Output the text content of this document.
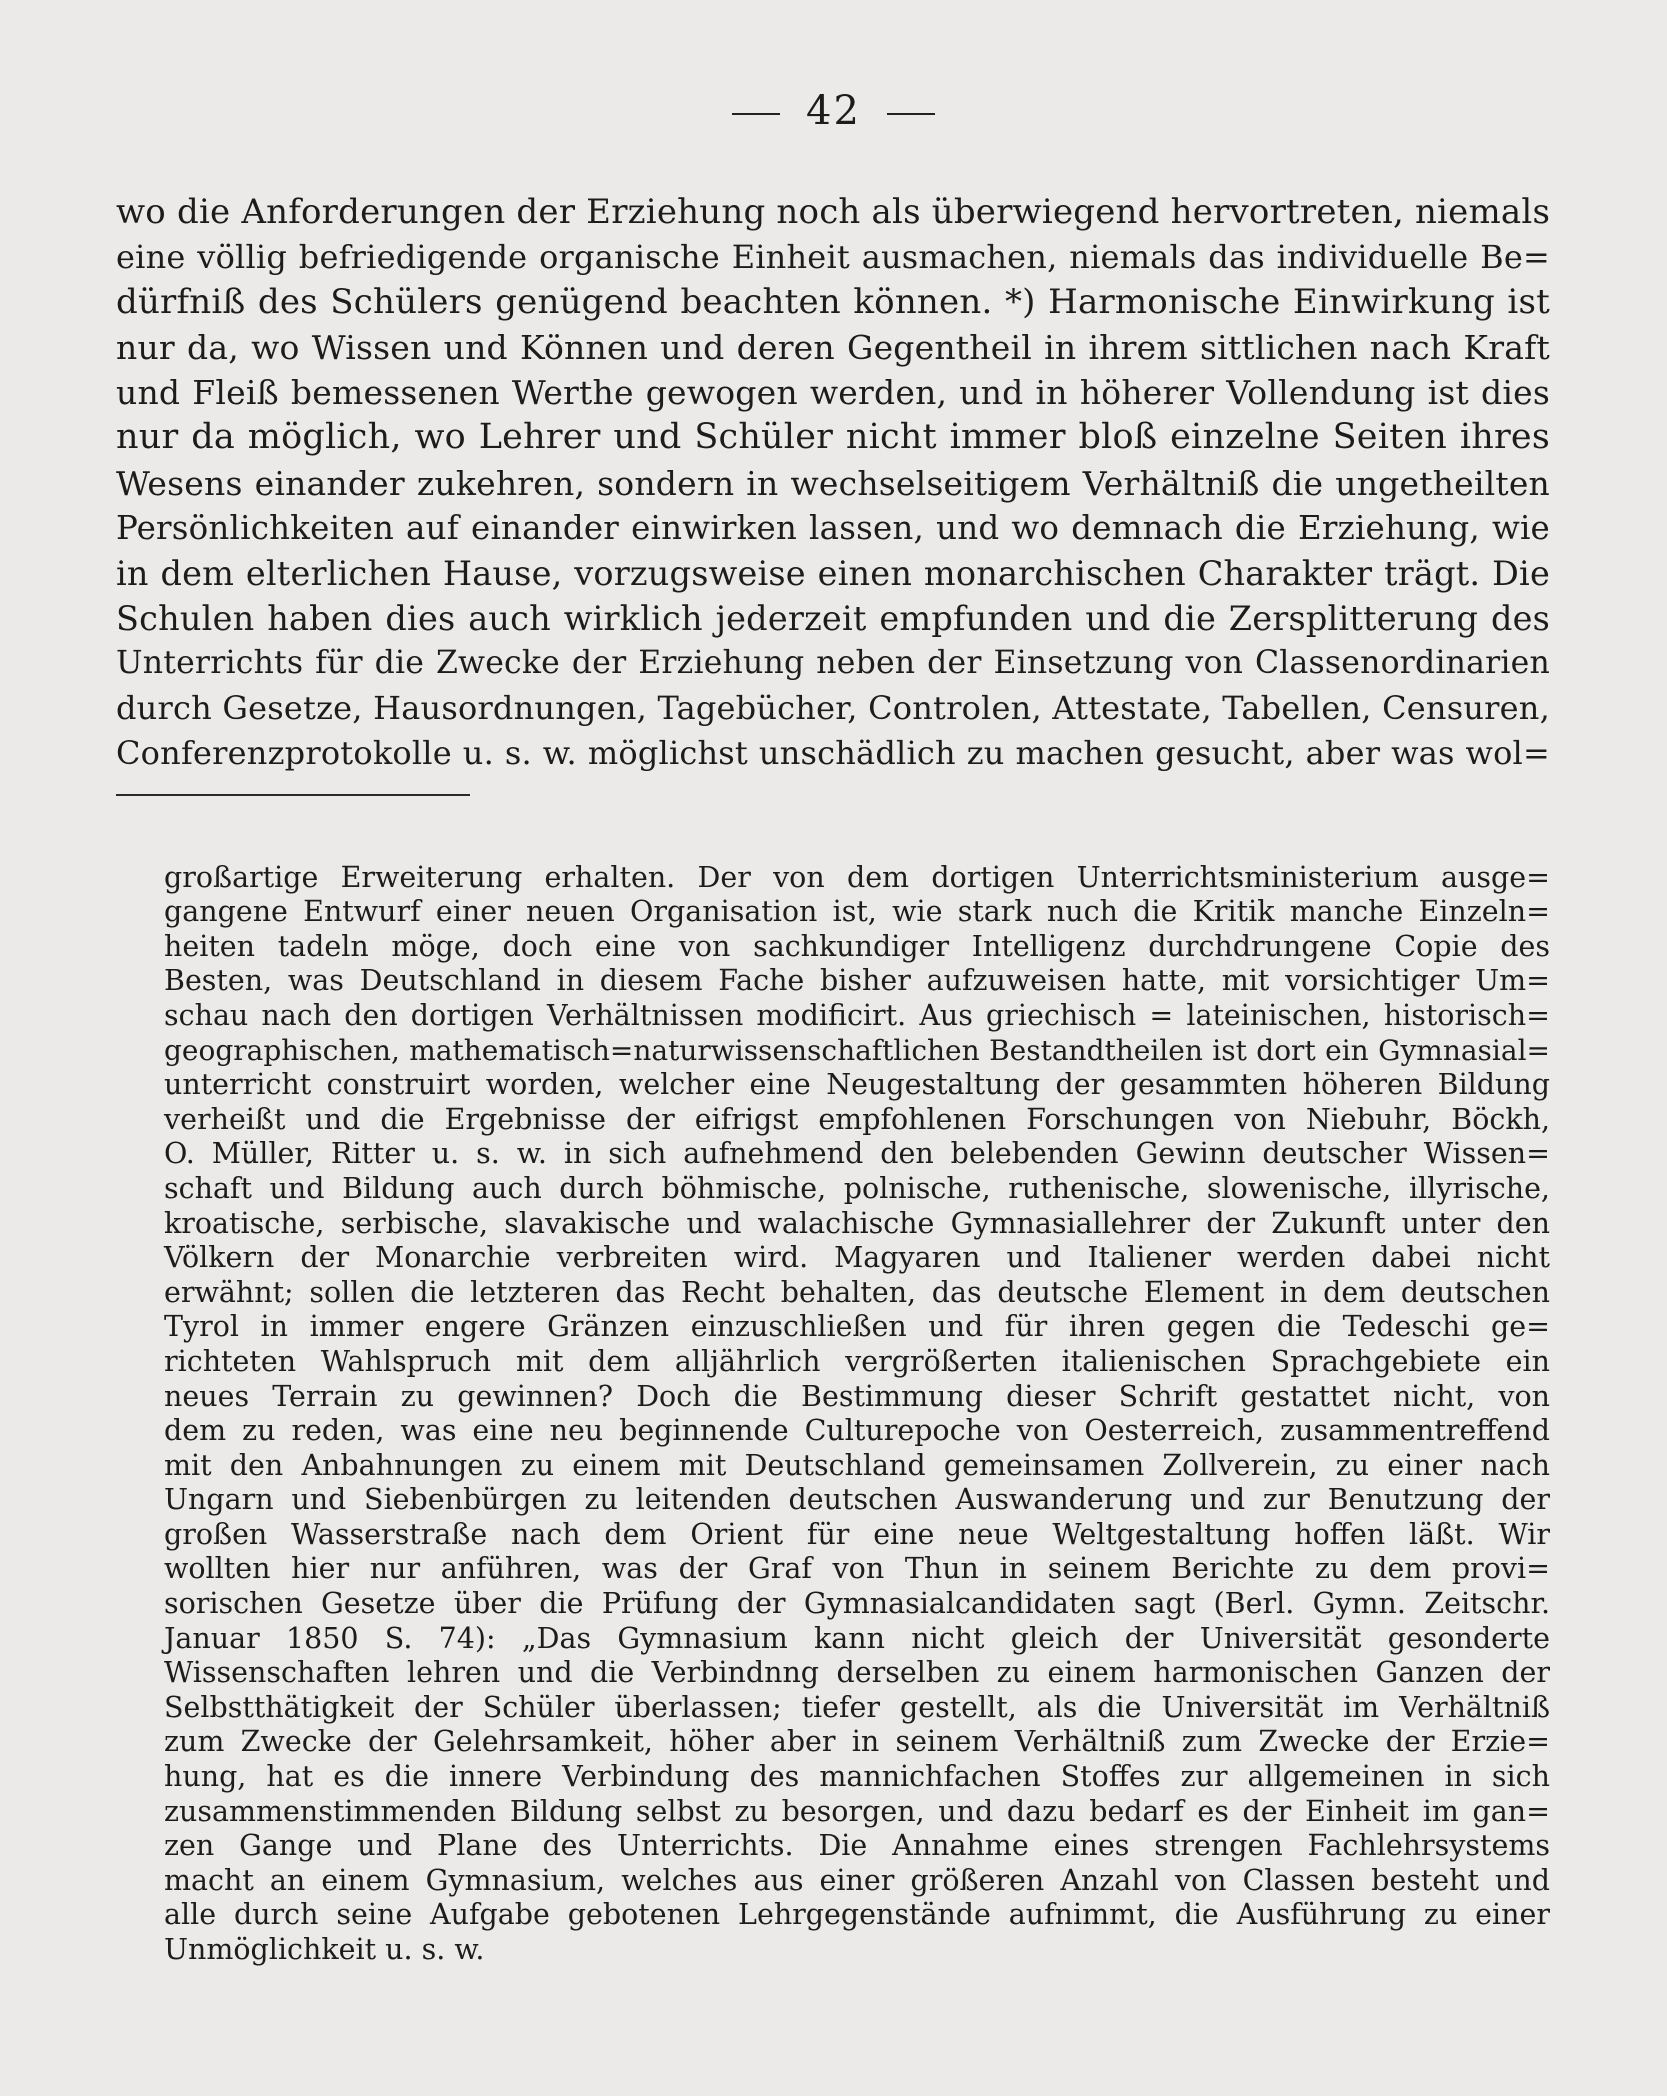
42
wo die Anforderungen der Erziehung noch als überwiegend hervortreten, niemals
eine völlig befriedigende organische Einheit ausmachen, niemals das individuelle Be=
dürfniß des Schülers genügend beachten können. *) Harmonische Einwirkung ist
nur da, wo Wissen und Können und deren Gegentheil in ihrem sittlichen nach Kraft
und Fleiß bemessenen Werthe gewogen werden, und in höherer Vollendung ist dies
nur da möglich, wo Lehrer und Schüler nicht immer bloß einzelne Seiten ihres
Wesens einander zukehren, sondern in wechselseitigem Verhältniß die ungetheilten
Persönlichkeiten auf einander einwirken lassen, und wo demnach die Erziehung, wie
in dem elterlichen Hause, vorzugsweise einen monarchischen Charakter trägt. Die
Schulen haben dies auch wirklich jederzeit empfunden und die Zersplitterung des
Unterrichts für die Zwecke der Erziehung neben der Einsetzung von Classenordinarien
durch Gesetze, Hausordnungen, Tagebücher, Controlen, Attestate, Tabellen, Censuren,
Conferenzprotokolle u. s. w. möglichst unschädlich zu machen gesucht, aber was wol=
großartige Erweiterung erhalten. Der von dem dortigen Unterrichtsministerium ausge=
gangene Entwurf einer neuen Organisation ist, wie stark nuch die Kritik manche Einzeln=
heiten tadeln möge, doch eine von sachkundiger Intelligenz durchdrungene Copie des
Besten, was Deutschland in diesem Fache bisher aufzuweisen hatte, mit vorsichtiger Um=
schau nach den dortigen Verhältnissen modificirt. Aus griechisch = lateinischen, historisch=
geographischen, mathematisch=naturwissenschaftlichen Bestandtheilen ist dort ein Gymnasial=
unterricht construirt worden, welcher eine Neugestaltung der gesammten höheren Bildung
verheißt und die Ergebnisse der eifrigst empfohlenen Forschungen von Niebuhr, Böckh,
O. Müller, Ritter u. s. w. in sich aufnehmend den belebenden Gewinn deutscher Wissen=
schaft und Bildung auch durch böhmische, polnische, ruthenische, slowenische, illyrische,
kroatische, serbische, slavakische und walachische Gymnasiallehrer der Zukunft unter den
Völkern der Monarchie verbreiten wird. Magyaren und Italiener werden dabei nicht
erwähnt; sollen die letzteren das Recht behalten, das deutsche Element in dem deutschen
Tyrol in immer engere Gränzen einzuschließen und für ihren gegen die Tedeschi ge=
richteten Wahlspruch mit dem alljährlich vergrößerten italienischen Sprachgebiete ein
neues Terrain zu gewinnen? Doch die Bestimmung dieser Schrift gestattet nicht, von
dem zu reden, was eine neu beginnende Culturepoche von Oesterreich, zusammentreffend
mit den Anbahnungen zu einem mit Deutschland gemeinsamen Zollverein, zu einer nach
Ungarn und Siebenbürgen zu leitenden deutschen Auswanderung und zur Benutzung der
großen Wasserstraße nach dem Orient für eine neue Weltgestaltung hoffen läßt. Wir
wollten hier nur anführen, was der Graf von Thun in seinem Berichte zu dem provi=
sorischen Gesetze über die Prüfung der Gymnasialcandidaten sagt (Berl. Gymn. Zeitschr.
Januar 1850 S. 74): „Das Gymnasium kann nicht gleich der Universität gesonderte
Wissenschaften lehren und die Verbindnng derselben zu einem harmonischen Ganzen der
Selbstthätigkeit der Schüler überlassen; tiefer gestellt, als die Universität im Verhältniß
zum Zwecke der Gelehrsamkeit, höher aber in seinem Verhältniß zum Zwecke der Erzie=
hung, hat es die innere Verbindung des mannichfachen Stoffes zur allgemeinen in sich
zusammenstimmenden Bildung selbst zu besorgen, und dazu bedarf es der Einheit im gan=
zen Gange und Plane des Unterrichts. Die Annahme eines strengen Fachlehrsystems
macht an einem Gymnasium, welches aus einer größeren Anzahl von Classen besteht und
alle durch seine Aufgabe gebotenen Lehrgegenstände aufnimmt, die Ausführung zu einer
Unmöglichkeit u. s. w.
